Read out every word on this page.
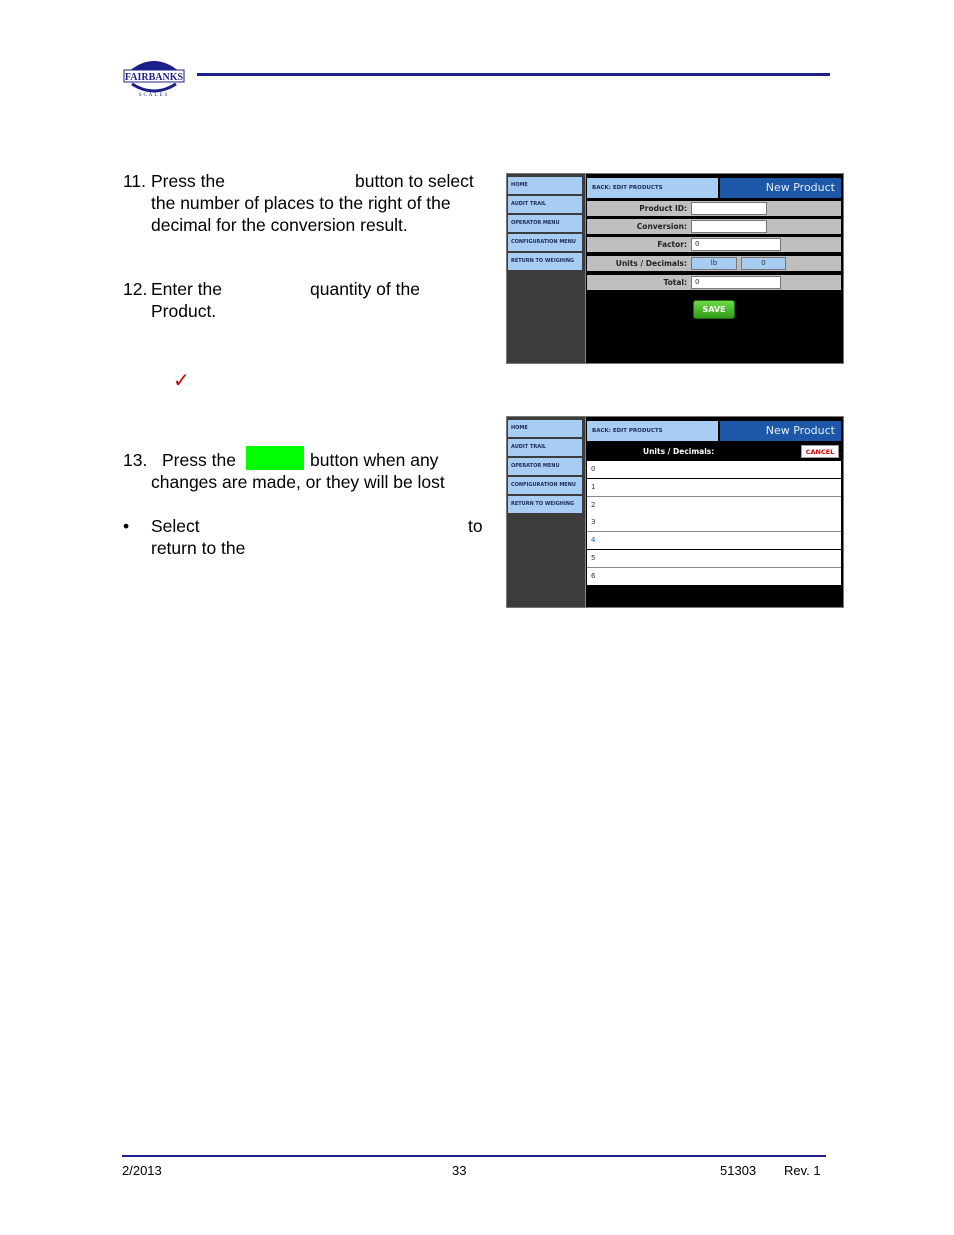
FAIRBANKS
SCALES
11. Press the	button to select
the number of places to the right of the
decimal for the conversion result.
12. Enter the	quantity of the
Product.
✓
13. Press the	button when any
changes are made, or they will be lost
• Select	to
return to the
HOME
AUDIT TRAIL
OPERATOR MENU
CONFIGURATION MENU
RETURN TO WEIGHING
BACK: EDIT PRODUCTS	New Product
Product ID:
Conversion:
Factor:	0
Units / Decimals:	lb	0
Total:	0
SAVE
HOME
AUDIT TRAIL
OPERATOR MENU
CONFIGURATION MENU
RETURN TO WEIGHING
BACK: EDIT PRODUCTS	New Product
Units / Decimals:	CANCEL
0
1
2
3
4
5
6
2/2013	33	51303 Rev. 1
